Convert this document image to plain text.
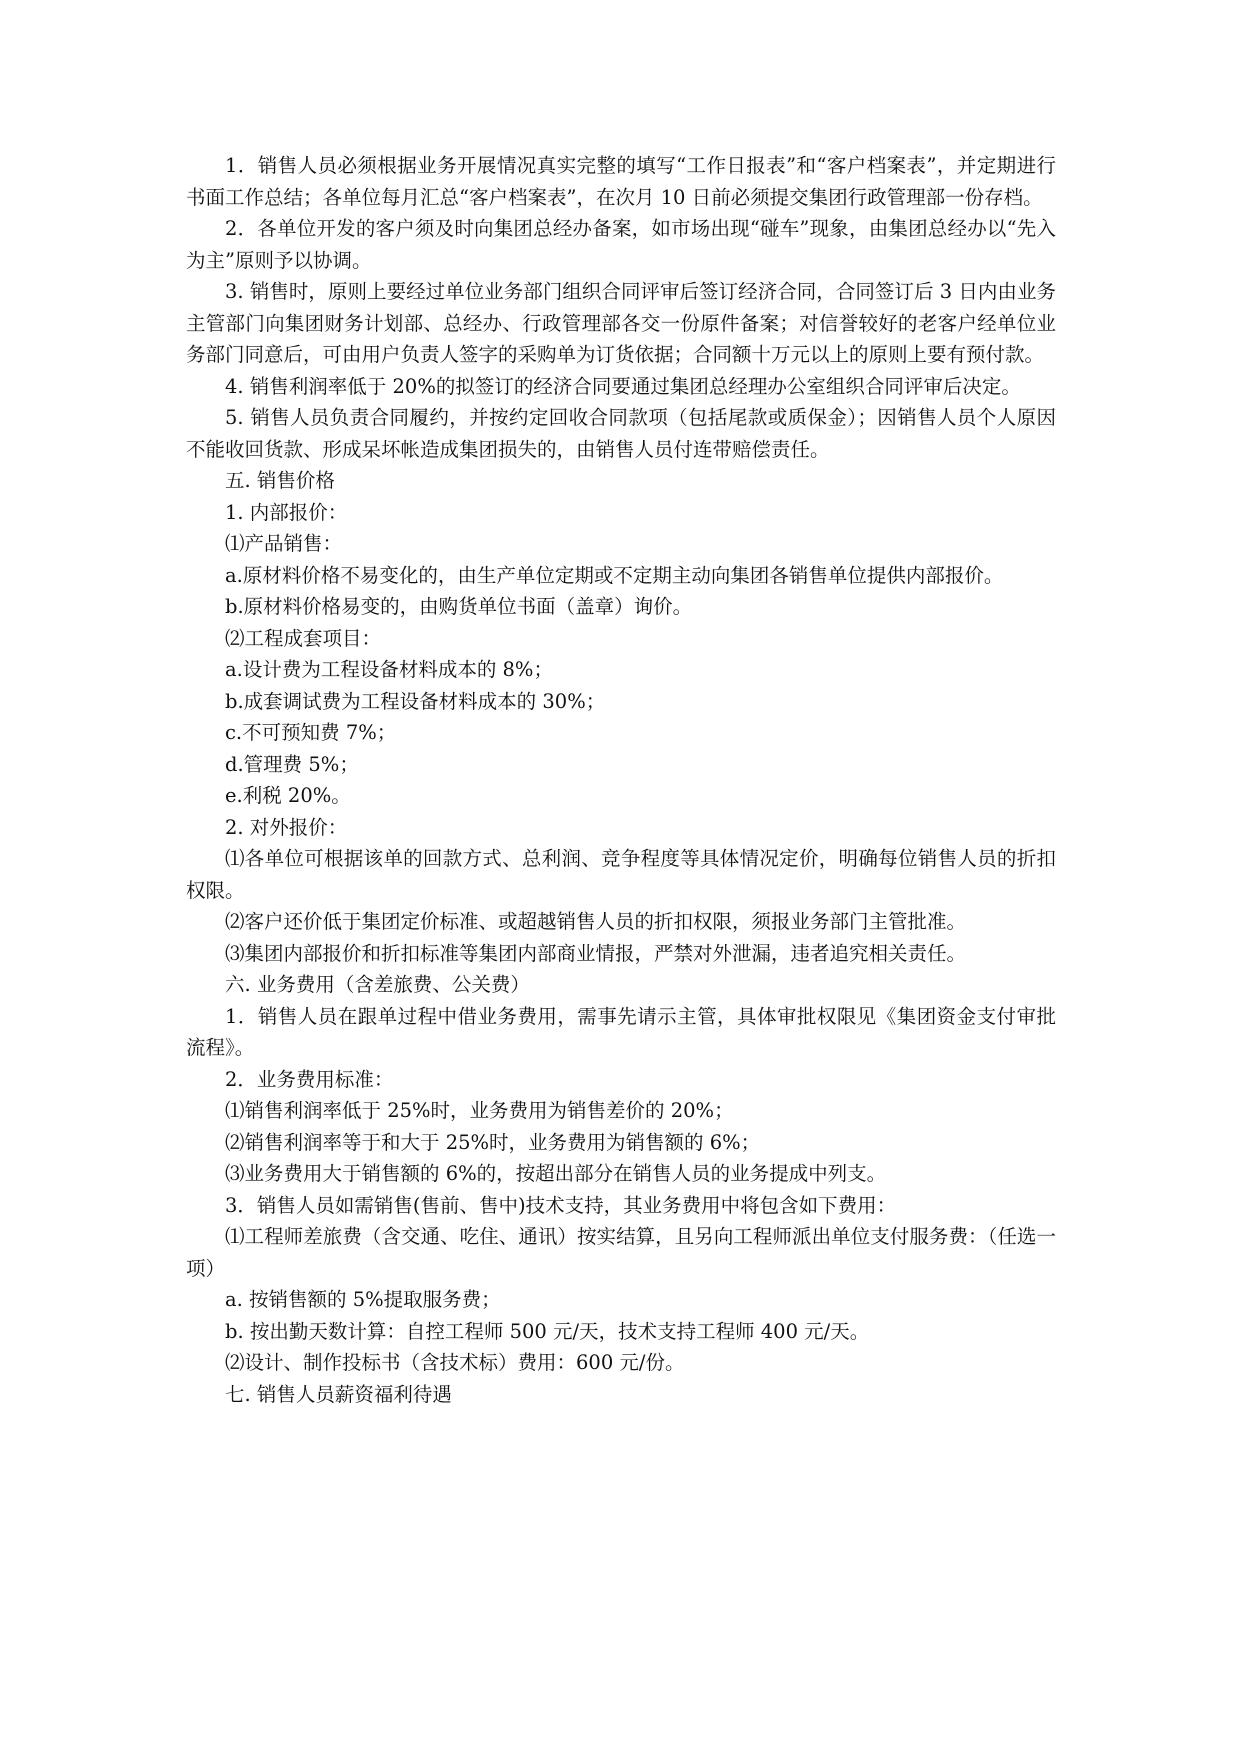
1．销售人员必须根据业务开展情况真实完整的填写“工作日报表”和“客户档案表”，并定期进行书面工作总结；各单位每月汇总“客户档案表”，在次月 10 日前必须提交集团行政管理部一份存档。

2．各单位开发的客户须及时向集团总经办备案，如市场出现“碰车”现象，由集团总经办以“先入为主”原则予以协调。

3. 销售时，原则上要经过单位业务部门组织合同评审后签订经济合同，合同签订后 3 日内由业务主管部门向集团财务计划部、总经办、行政管理部各交一份原件备案；对信誉较好的老客户经单位业务部门同意后，可由用户负责人签字的采购单为订货依据；合同额十万元以上的原则上要有预付款。

4. 销售利润率低于 20%的拟签订的经济合同要通过集团总经理办公室组织合同评审后决定。

5. 销售人员负责合同履约，并按约定回收合同款项（包括尾款或质保金）；因销售人员个人原因不能收回货款、形成呆坏帐造成集团损失的，由销售人员付连带赔偿责任。

五. 销售价格

1. 内部报价：

⑴产品销售：

a.原材料价格不易变化的，由生产单位定期或不定期主动向集团各销售单位提供内部报价。

b.原材料价格易变的，由购货单位书面（盖章）询价。

⑵工程成套项目：

a.设计费为工程设备材料成本的 8%；

b.成套调试费为工程设备材料成本的 30%；

c.不可预知费 7%；

d.管理费 5%；

e.利税 20%。

2. 对外报价：

⑴各单位可根据该单的回款方式、总利润、竞争程度等具体情况定价，明确每位销售人员的折扣权限。

⑵客户还价低于集团定价标准、或超越销售人员的折扣权限，须报业务部门主管批准。

⑶集团内部报价和折扣标准等集团内部商业情报，严禁对外泄漏，违者追究相关责任。

六. 业务费用（含差旅费、公关费）

1．销售人员在跟单过程中借业务费用，需事先请示主管，具体审批权限见《集团资金支付审批流程》。

2．业务费用标准：

⑴销售利润率低于 25%时，业务费用为销售差价的 20%；

⑵销售利润率等于和大于 25%时，业务费用为销售额的 6%；

⑶业务费用大于销售额的 6%的，按超出部分在销售人员的业务提成中列支。

3．销售人员如需销售(售前、售中)技术支持，其业务费用中将包含如下费用：

⑴工程师差旅费（含交通、吃住、通讯）按实结算，且另向工程师派出单位支付服务费：（任选一项）

a. 按销售额的 5%提取服务费；

b. 按出勤天数计算：自控工程师 500 元/天，技术支持工程师 400 元/天。

⑵设计、制作投标书（含技术标）费用：600 元/份。

七. 销售人员薪资福利待遇
